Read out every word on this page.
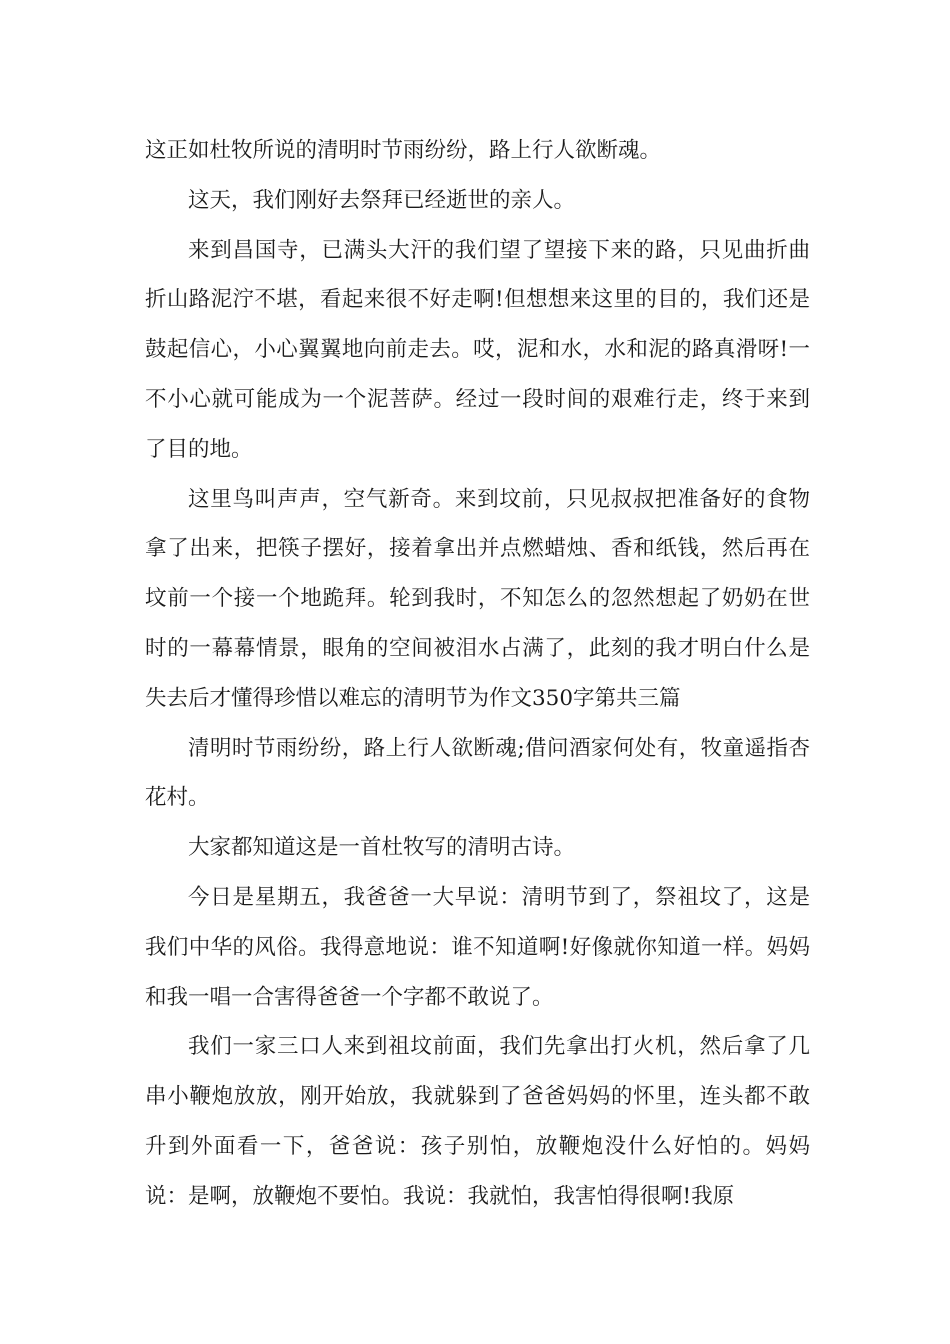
这正如杜牧所说的清明时节雨纷纷，路上行人欲断魂。

这天，我们刚好去祭拜已经逝世的亲人。

来到昌国寺，已满头大汗的我们望了望接下来的路，只见曲折曲折山路泥泞不堪，看起来很不好走啊!但想想来这里的目的，我们还是鼓起信心，小心翼翼地向前走去。哎，泥和水，水和泥的路真滑呀!一不小心就可能成为一个泥菩萨。经过一段时间的艰难行走，终于来到了目的地。

这里鸟叫声声，空气新奇。来到坟前，只见叔叔把准备好的食物拿了出来，把筷子摆好，接着拿出并点燃蜡烛、香和纸钱，然后再在坟前一个接一个地跪拜。轮到我时，不知怎么的忽然想起了奶奶在世时的一幕幕情景，眼角的空间被泪水占满了，此刻的我才明白什么是失去后才懂得珍惜以难忘的清明节为作文350字第共三篇

清明时节雨纷纷，路上行人欲断魂;借问酒家何处有，牧童遥指杏花村。

大家都知道这是一首杜牧写的清明古诗。

今日是星期五，我爸爸一大早说：清明节到了，祭祖坟了，这是我们中华的风俗。我得意地说：谁不知道啊!好像就你知道一样。妈妈和我一唱一合害得爸爸一个字都不敢说了。

我们一家三口人来到祖坟前面，我们先拿出打火机，然后拿了几串小鞭炮放放，刚开始放，我就躲到了爸爸妈妈的怀里，连头都不敢升到外面看一下，爸爸说：孩子别怕，放鞭炮没什么好怕的。妈妈说：是啊，放鞭炮不要怕。我说：我就怕，我害怕得很啊!我原
